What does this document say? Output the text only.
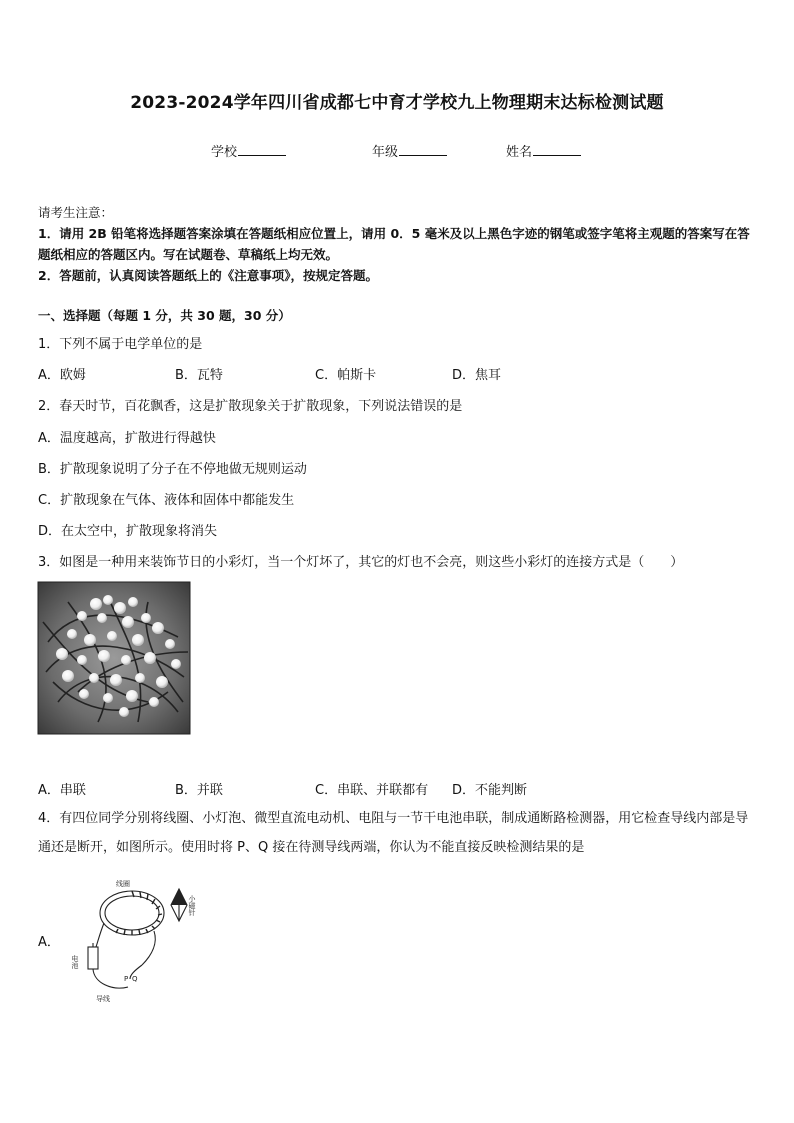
2023-2024学年四川省成都七中育才学校九上物理期末达标检测试题
学校	年级	姓名
请考生注意：

1．请用 2B 铅笔将选择题答案涂填在答题纸相应位置上，请用 0．5 毫米及以上黑色字迹的钢笔或签字笔将主观题的答案写在答题纸相应的答题区内。写在试题卷、草稿纸上均无效。

2．答题前，认真阅读答题纸上的《注意事项》，按规定答题。

一、选择题（每题 1 分，共 30 题，30 分）
1．下列不属于电学单位的是
A．欧姆	B．瓦特	C．帕斯卡	D．焦耳
2．春天时节，百花飘香，这是扩散现象关于扩散现象，下列说法错误的是
A．温度越高，扩散进行得越快
B．扩散现象说明了分子在不停地做无规则运动
C．扩散现象在气体、液体和固体中都能发生
D．在太空中，扩散现象将消失
3．如图是一种用来装饰节日的小彩灯，当一个灯坏了，其它的灯也不会亮，则这些小彩灯的连接方式是（　　）
A．串联	B．并联	C．串联、并联都有 D．不能判断
4．有四位同学分别将线圈、小灯泡、微型直流电动机、电阻与一节干电池串联，制成通断路检测器，用它检查导线内部是导通还是断开，如图所示。使用时将 P、Q 接在待测导线两端，你认为不能直接反映检测结果的是
A．
线圈
小磁针
电池
导线
P Q
